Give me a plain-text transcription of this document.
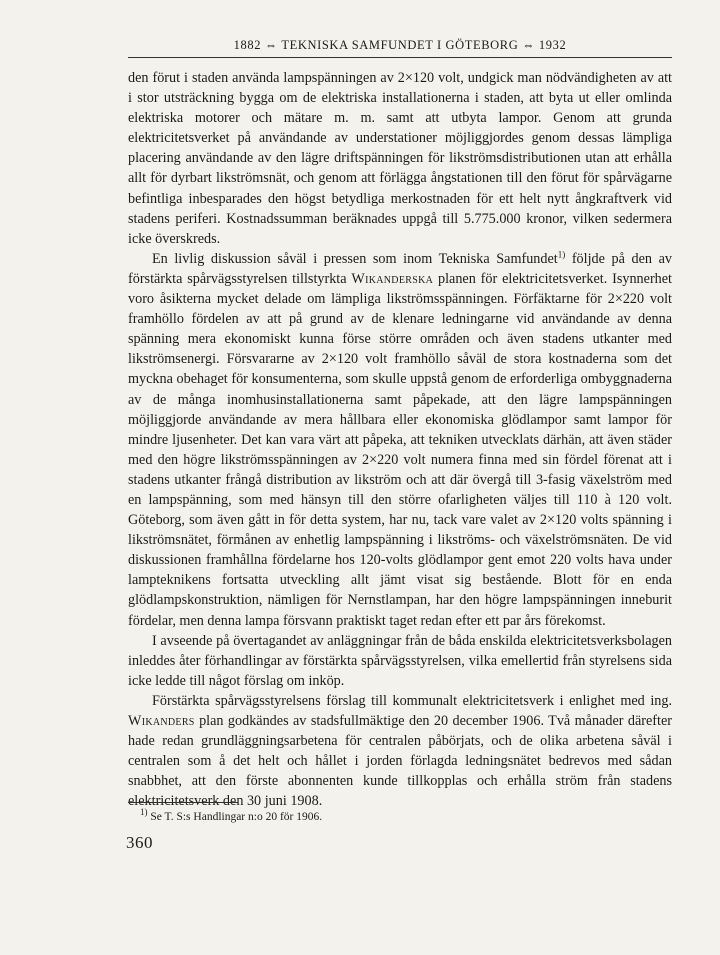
1882 ⇔ TEKNISKA SAMFUNDET I GÖTEBORG ⇔ 1932

den förut i staden använda lampspänningen av 2×120 volt, undgick man nödvändigheten av att i stor utsträckning bygga om de elektriska installationerna i staden, att byta ut eller omlinda elektriska motorer och mätare m. m. samt att utbyta lampor. Genom att grunda elektricitetsverket på användande av understationer möjliggjordes genom dessas lämpliga placering användande av den lägre driftspänningen för likströmsdistributionen utan att erhålla allt för dyrbart likströmsnät, och genom att förlägga ångstationen till den förut för spårvägarne befintliga inbesparades den högst betydliga merkostnaden för ett helt nytt ångkraftverk vid stadens periferi. Kostnadssumman beräknades uppgå till 5.775.000 kronor, vilken sedermera icke överskreds.

En livlig diskussion såväl i pressen som inom Tekniska Samfundet$^{1)}$ följde på den av förstärkta spårvägsstyrelsen tillstyrkta Wikanderska planen för elektricitetsverket. Isynnerhet voro åsikterna mycket delade om lämpliga likströmsspänningen. Förfäktarne för 2×220 volt framhöllo fördelen av att på grund av de klenare ledningarne vid användande av denna spänning mera ekonomiskt kunna förse större områden och även stadens utkanter med likströmsenergi. Försvararne av 2×120 volt framhöllo såväl de stora kostnaderna som det myckna obehaget för konsumenterna, som skulle uppstå genom de erforderliga ombyggnaderna av de många inomhusinstallationerna samt påpekade, att den lägre lampspänningen möjliggjorde användande av mera hållbara eller ekonomiska glödlampor samt lampor för mindre ljusenheter. Det kan vara värt att påpeka, att tekniken utvecklats därhän, att även städer med den högre likströmsspänningen av 2×220 volt numera finna med sin fördel förenat att i stadens utkanter frångå distribution av likström och att där övergå till 3-fasig växelström med en lampspänning, som med hänsyn till den större ofarligheten väljes till 110 à 120 volt. Göteborg, som även gått in för detta system, har nu, tack vare valet av 2×120 volts spänning i likströmsnätet, förmånen av enhetlig lampspänning i likströms- och växelströmsnäten. De vid diskussionen framhållna fördelarne hos 120-volts glödlampor gent emot 220 volts hava under lampteknikens fortsatta utveckling allt jämt visat sig bestående. Blott för en enda glödlampskonstruktion, nämligen för Nernstlampan, har den högre lampspänningen inneburit fördelar, men denna lampa försvann praktiskt taget redan efter ett par års förekomst.

I avseende på övertagandet av anläggningar från de båda enskilda elektricitetsverksbolagen inleddes åter förhandlingar av förstärkta spårvägsstyrelsen, vilka emellertid från styrelsens sida icke ledde till något förslag om inköp.

Förstärkta spårvägsstyrelsens förslag till kommunalt elektricitetsverk i enlighet med ing. Wikanders plan godkändes av stadsfullmäktige den 20 december 1906. Två månader därefter hade redan grundläggningsarbetena för centralen påbörjats, och de olika arbetena såväl i centralen som å det helt och hållet i jorden förlagda ledningsnätet bedrevos med sådan snabbhet, att den förste abonnenten kunde tillkopplas och erhålla ström från stadens elektricitetsverk den 30 juni 1908.

$^{1)}$ Se T. S:s Handlingar n:o 20 för 1906.
360
